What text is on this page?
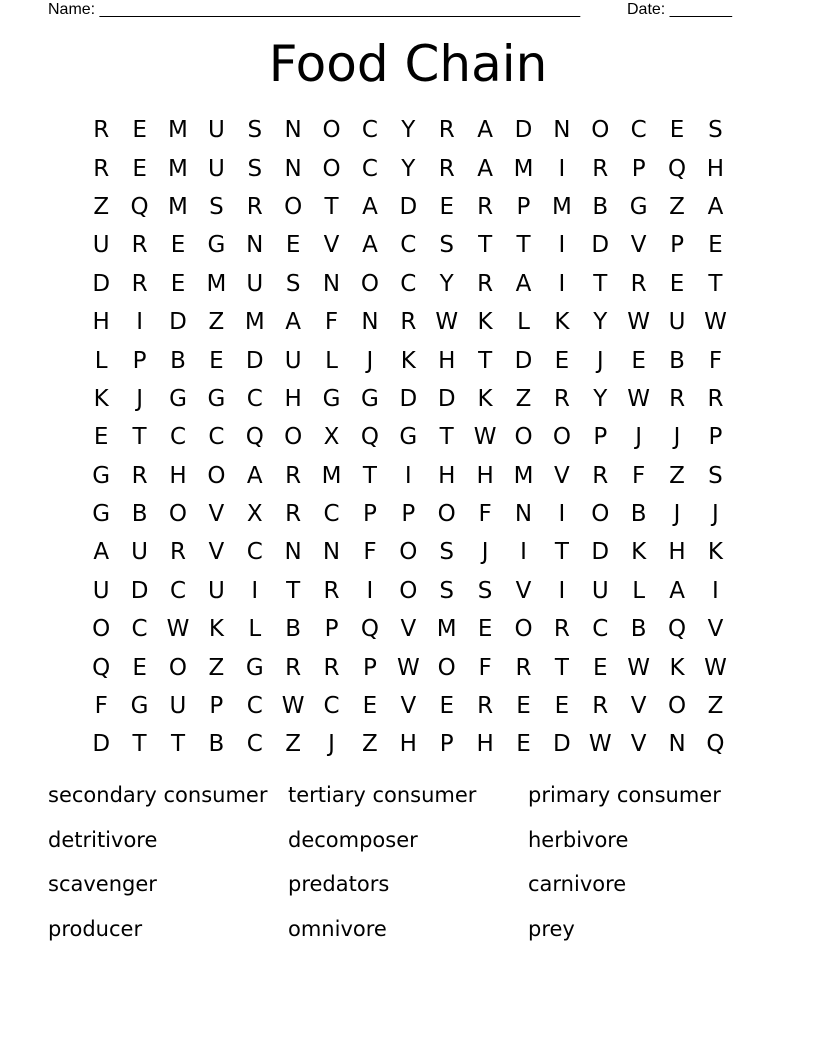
Name: ______________________________________________________	Date: _______
Food Chain
R	E M U S N O C	Y	R A D N O C	E	S
R	E M U S N O C	Y	R A M	I	R	P Q H
Z Q M S	R O T	A D E	R	P M B G Z A
U R	E G N E	V A C	S	T	T	I	D V	P	E
D R	E M U S N O C	Y	R A	I	T	R	E	T
H	I	D Z M A	F	N R W K	L	K	Y W U W
L	P	B	E D U	L	J	K H T D E	J	E	B	F
K	J	G G C H G G D D K Z R	Y W R R
E	T	C C Q O X Q G T W O O P	J	J	P
G R H O A R M T	I	H H M V R	F	Z	S
G B O V X R C	P	P O F	N	I	O B	J	J
A U R V C N N	F O S	J	I	T D K H K
U D C U	I	T	R	I	O S	S	V	I	U	L	A	I
O C W K	L	B	P Q V M E O R C B Q V
Q E O Z G R R	P W O F	R	T	E W K W
F G U	P	C W C	E	V	E	R	E	E	R V O Z
D T	T	B C Z	J	Z H P H E D W V N Q
secondary consumer tertiary consumer	primary consumer
detritivore	decomposer	herbivore
scavenger	predators	carnivore
producer	omnivore	prey
